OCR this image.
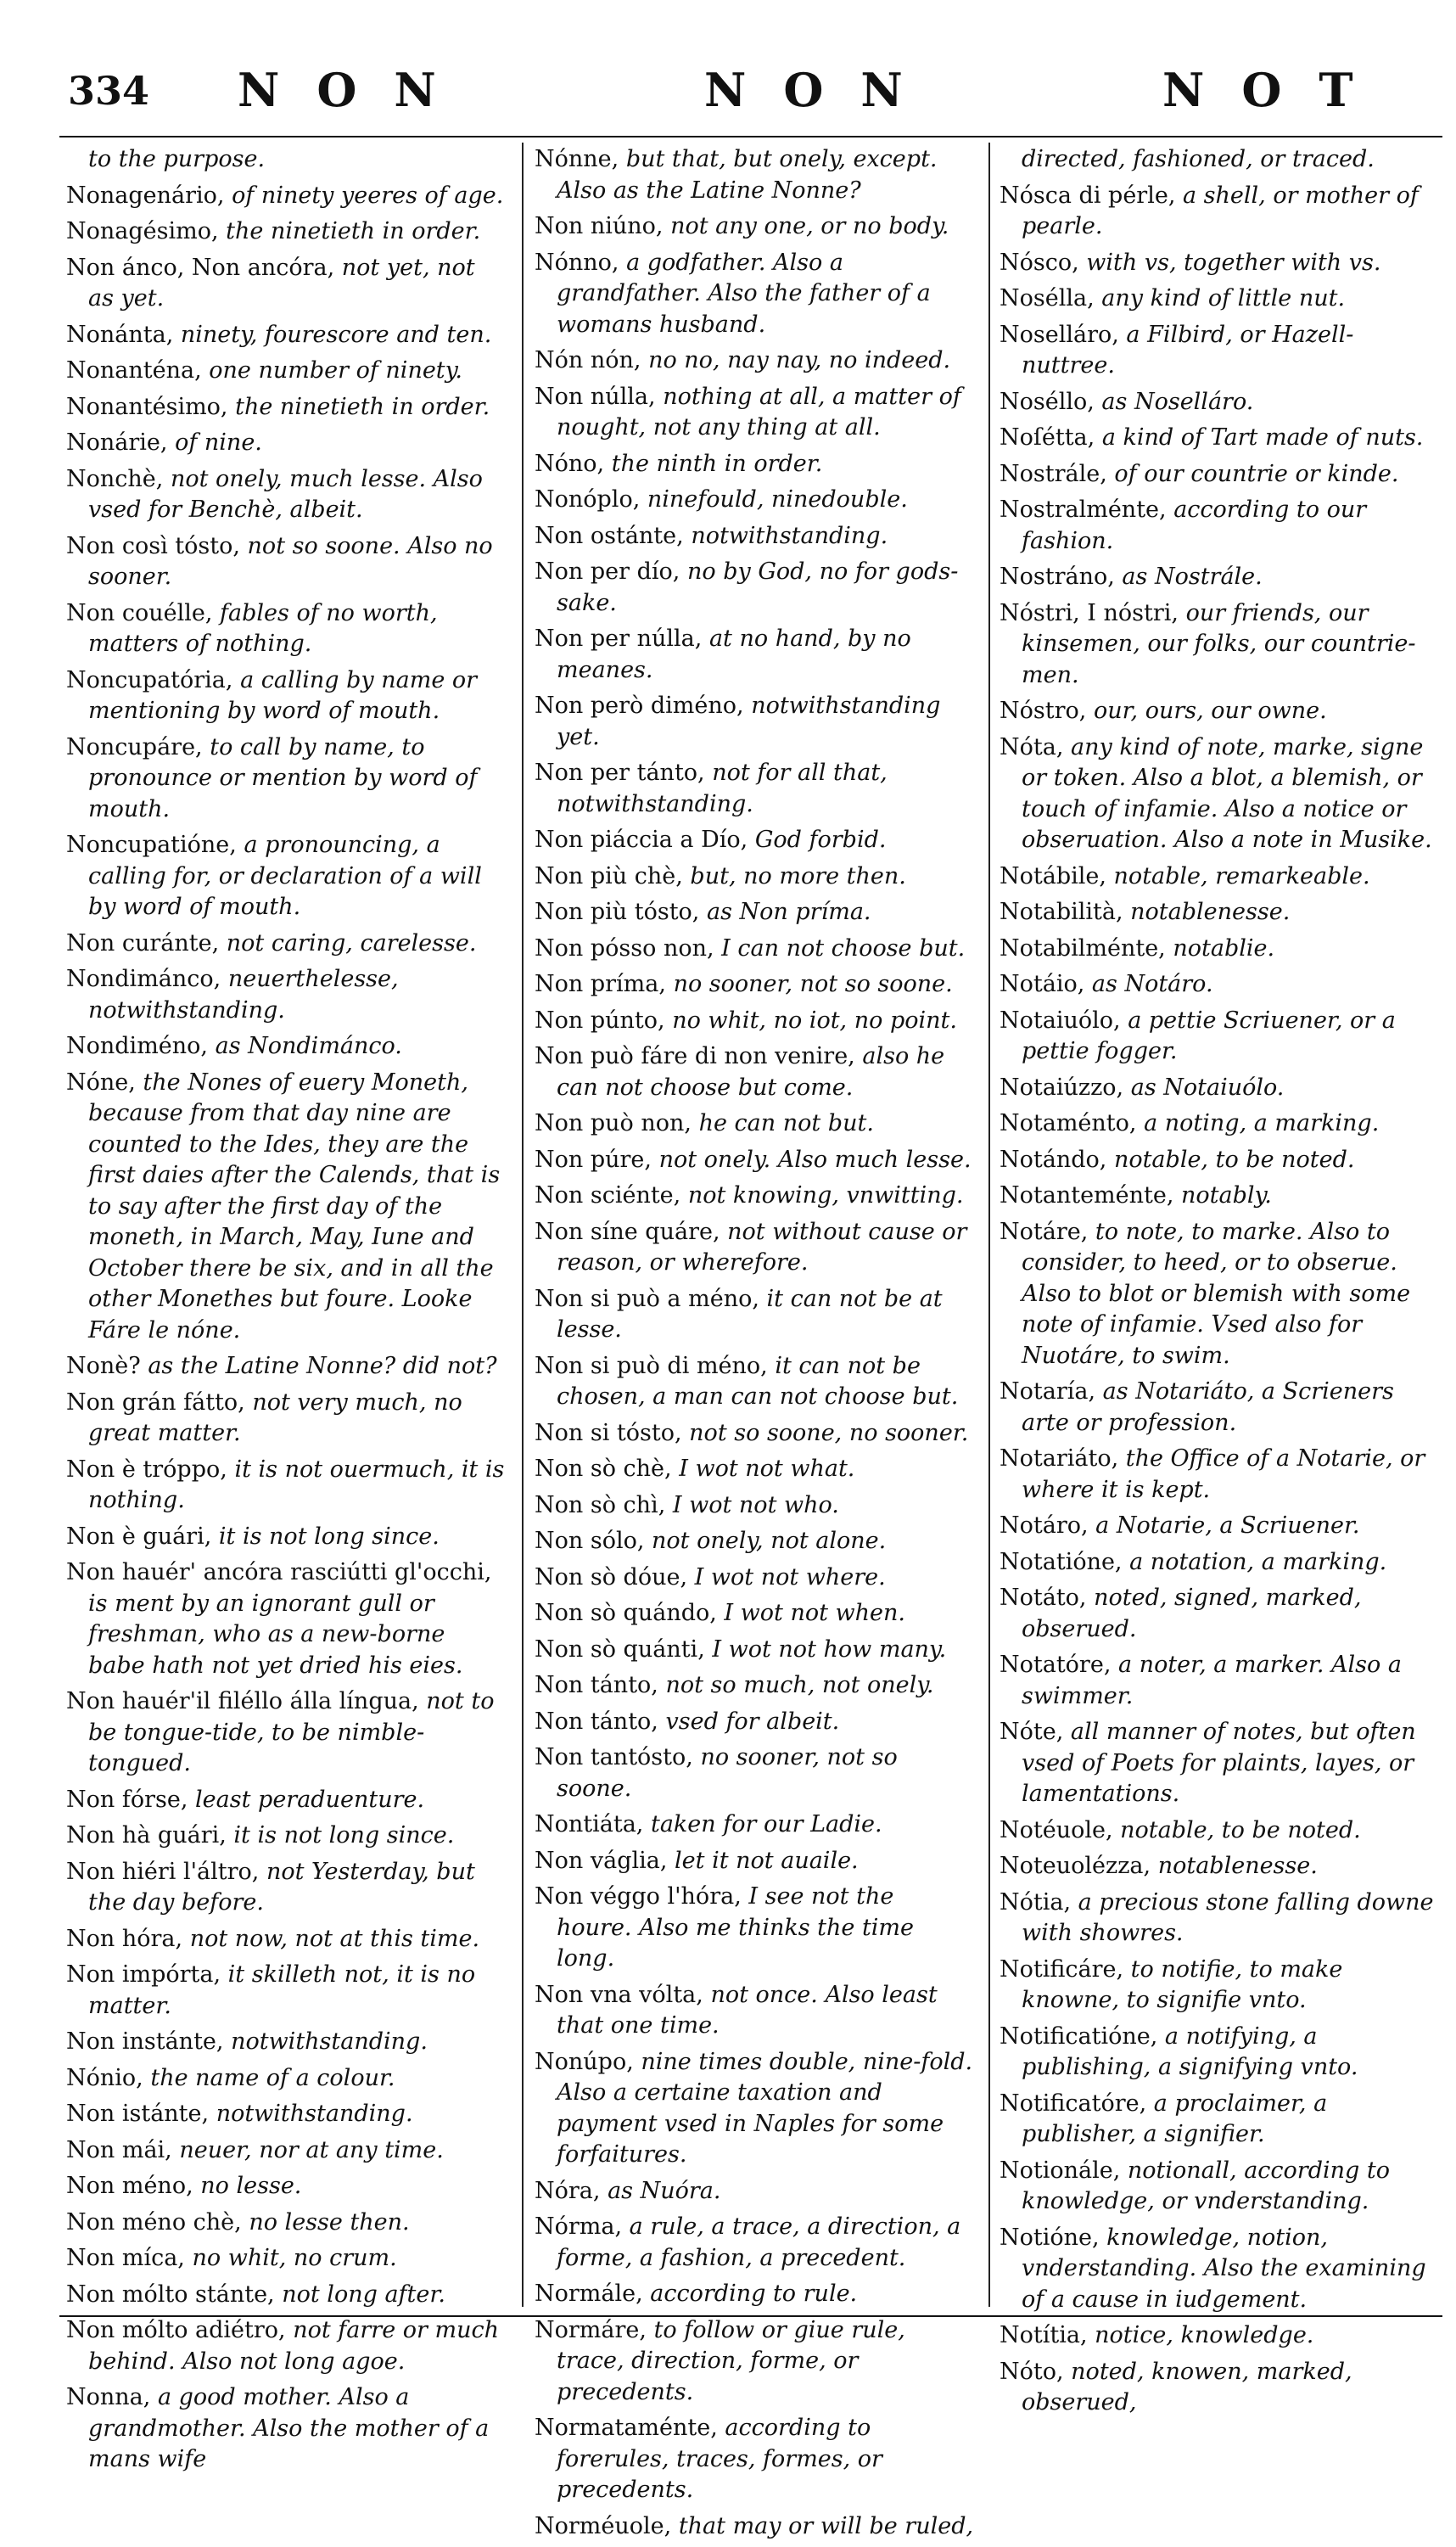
334 NON	NON	NOT
to the purpose.
Nonagenário, of ninety yeeres of age.
Nonagésimo, the ninetieth in order.
Non ánco, Non ancóra, not yet, not as yet.
Nonánta, ninety, fourescore and ten.
Nonanténa, one number of ninety.
Nonantésimo, the ninetieth in order.
Nonárie, of nine.
Nonchè, not onely, much lesse. Also vsed for Benchè, albeit.
Non così tósto, not so soone. Also no sooner.
Non couélle, fables of no worth, matters of nothing.
Noncupatória, a calling by name or mentioning by word of mouth.
Noncupáre, to call by name, to pronounce or mention by word of mouth.
Noncupatióne, a pronouncing, a calling for, or declaration of a will by word of mouth.
Non curánte, not caring, carelesse.
Nondimánco, neuerthelesse, notwithstanding.
Nondiméno, as Nondimánco.
Nóne, the Nones of euery Moneth, because from that day nine are counted to the Ides, they are the first daies after the Calends, that is to say after the first day of the moneth, in March, May, Iune and October there be six, and in all the other Monethes but foure. Looke Fáre le nóne.
Nonè? as the Latine Nonne? did not?
Non grán fátto, not very much, no great matter.
Non è tróppo, it is not ouermuch, it is nothing.
Non è guári, it is not long since.
Non hauér' ancóra rasciútti gl'occhi, is ment by an ignorant gull or freshman, who as a new-borne babe hath not yet dried his eies.
Non hauér'il filéllo álla língua, not to be tongue-tide, to be nimble-tongued.
Non fórse, least peraduenture.
Non hà guári, it is not long since.
Non hiéri l'áltro, not Yesterday, but the day before.
Non hóra, not now, not at this time.
Non impórta, it skilleth not, it is no matter.
Non instánte, notwithstanding.
Nónio, the name of a colour.
Non istánte, notwithstanding.
Non mái, neuer, nor at any time.
Non méno, no lesse.
Non méno chè, no lesse then.
Non míca, no whit, no crum.
Non mólto stánte, not long after.
Non mólto adiétro, not farre or much behind. Also not long agoe.
Nonna, a good mother. Also a grandmother. Also the mother of a mans wife
Nónne, but that, but onely, except. Also as the Latine Nonne?
Non niúno, not any one, or no body.
Nónno, a godfather. Also a grandfather. Also the father of a womans husband.
Nón nón, no no, nay nay, no indeed.
Non núlla, nothing at all, a matter of nought, not any thing at all.
Nóno, the ninth in order.
Nonóplo, ninefould, ninedouble.
Non ostánte, notwithstanding.
Non per dío, no by God, no for gods-sake.
Non per núlla, at no hand, by no meanes.
Non però diméno, notwithstanding yet.
Non per tánto, not for all that, notwithstanding.
Non piáccia a Dío, God forbid.
Non più chè, but, no more then.
Non più tósto, as Non príma.
Non pósso non, I can not choose but.
Non príma, no sooner, not so soone.
Non púnto, no whit, no iot, no point.
Non può fáre di non venire, also he can not choose but come.
Non può non, he can not but.
Non púre, not onely. Also much lesse.
Non sciénte, not knowing, vnwitting.
Non síne quáre, not without cause or reason, or wherefore.
Non si può a méno, it can not be at lesse.
Non si può di méno, it can not be chosen, a man can not choose but.
Non si tósto, not so soone, no sooner.
Non sò chè, I wot not what.
Non sò chì, I wot not who.
Non sólo, not onely, not alone.
Non sò dóue, I wot not where.
Non sò quándo, I wot not when.
Non sò quánti, I wot not how many.
Non tánto, not so much, not onely.
Non tánto, vsed for albeit.
Non tantósto, no sooner, not so soone.
Nontiáta, taken for our Ladie.
Non váglia, let it not auaile.
Non véggo l'hóra, I see not the houre. Also me thinks the time long.
Non vna vólta, not once. Also least that one time.
Nonúpo, nine times double, nine-fold. Also a certaine taxation and payment vsed in Naples for some forfaitures.
Nóra, as Nuóra.
Nórma, a rule, a trace, a direction, a forme, a fashion, a precedent.
Normále, according to rule.
Normáre, to follow or giue rule, trace, direction, forme, or precedents.
Normataménte, according to forerules, traces, formes, or precedents.
Norméuole, that may or will be ruled,
directed, fashioned, or traced.
Nósca di pérle, a shell, or mother of pearle.
Nósco, with vs, together with vs.
Nosélla, any kind of little nut.
Noselláro, a Filbird, or Hazell-nuttree.
Noséllo, as Noselláro.
Noſétta, a kind of Tart made of nuts.
Nostrále, of our countrie or kinde.
Nostralménte, according to our fashion.
Nostráno, as Nostrále.
Nóstri, I nóstri, our friends, our kinsemen, our folks, our countrie-men.
Nóstro, our, ours, our owne.
Nóta, any kind of note, marke, signe or token. Also a blot, a blemish, or touch of infamie. Also a notice or obseruation. Also a note in Musike.
Notábile, notable, remarkeable.
Notabilità, notablenesse.
Notabilménte, notablie.
Notáio, as Notáro.
Notaiuólo, a pettie Scriuener, or a pettie fogger.
Notaiúzzo, as Notaiuólo.
Notaménto, a noting, a marking.
Notándo, notable, to be noted.
Notanteménte, notably.
Notáre, to note, to marke. Also to consider, to heed, or to obserue. Also to blot or blemish with some note of infamie. Vsed also for Nuotáre, to swim.
Notaría, as Notariáto, a Scrieners arte or profession.
Notariáto, the Office of a Notarie, or where it is kept.
Notáro, a Notarie, a Scriuener.
Notatióne, a notation, a marking.
Notáto, noted, signed, marked, obserued.
Notatóre, a noter, a marker. Also a swimmer.
Nóte, all manner of notes, but often vsed of Poets for plaints, layes, or lamentations.
Notéuole, notable, to be noted.
Noteuolézza, notablenesse.
Nótia, a precious stone falling downe with showres.
Notificáre, to notifie, to make knowne, to signifie vnto.
Notificatióne, a notifying, a publishing, a signifying vnto.
Notificatóre, a proclaimer, a publisher, a signifier.
Notionále, notionall, according to knowledge, or vnderstanding.
Notióne, knowledge, notion, vnderstanding. Also the examining of a cause in iudgement.
Notítia, notice, knowledge.
Nóto, noted, knowen, marked, obserued,
